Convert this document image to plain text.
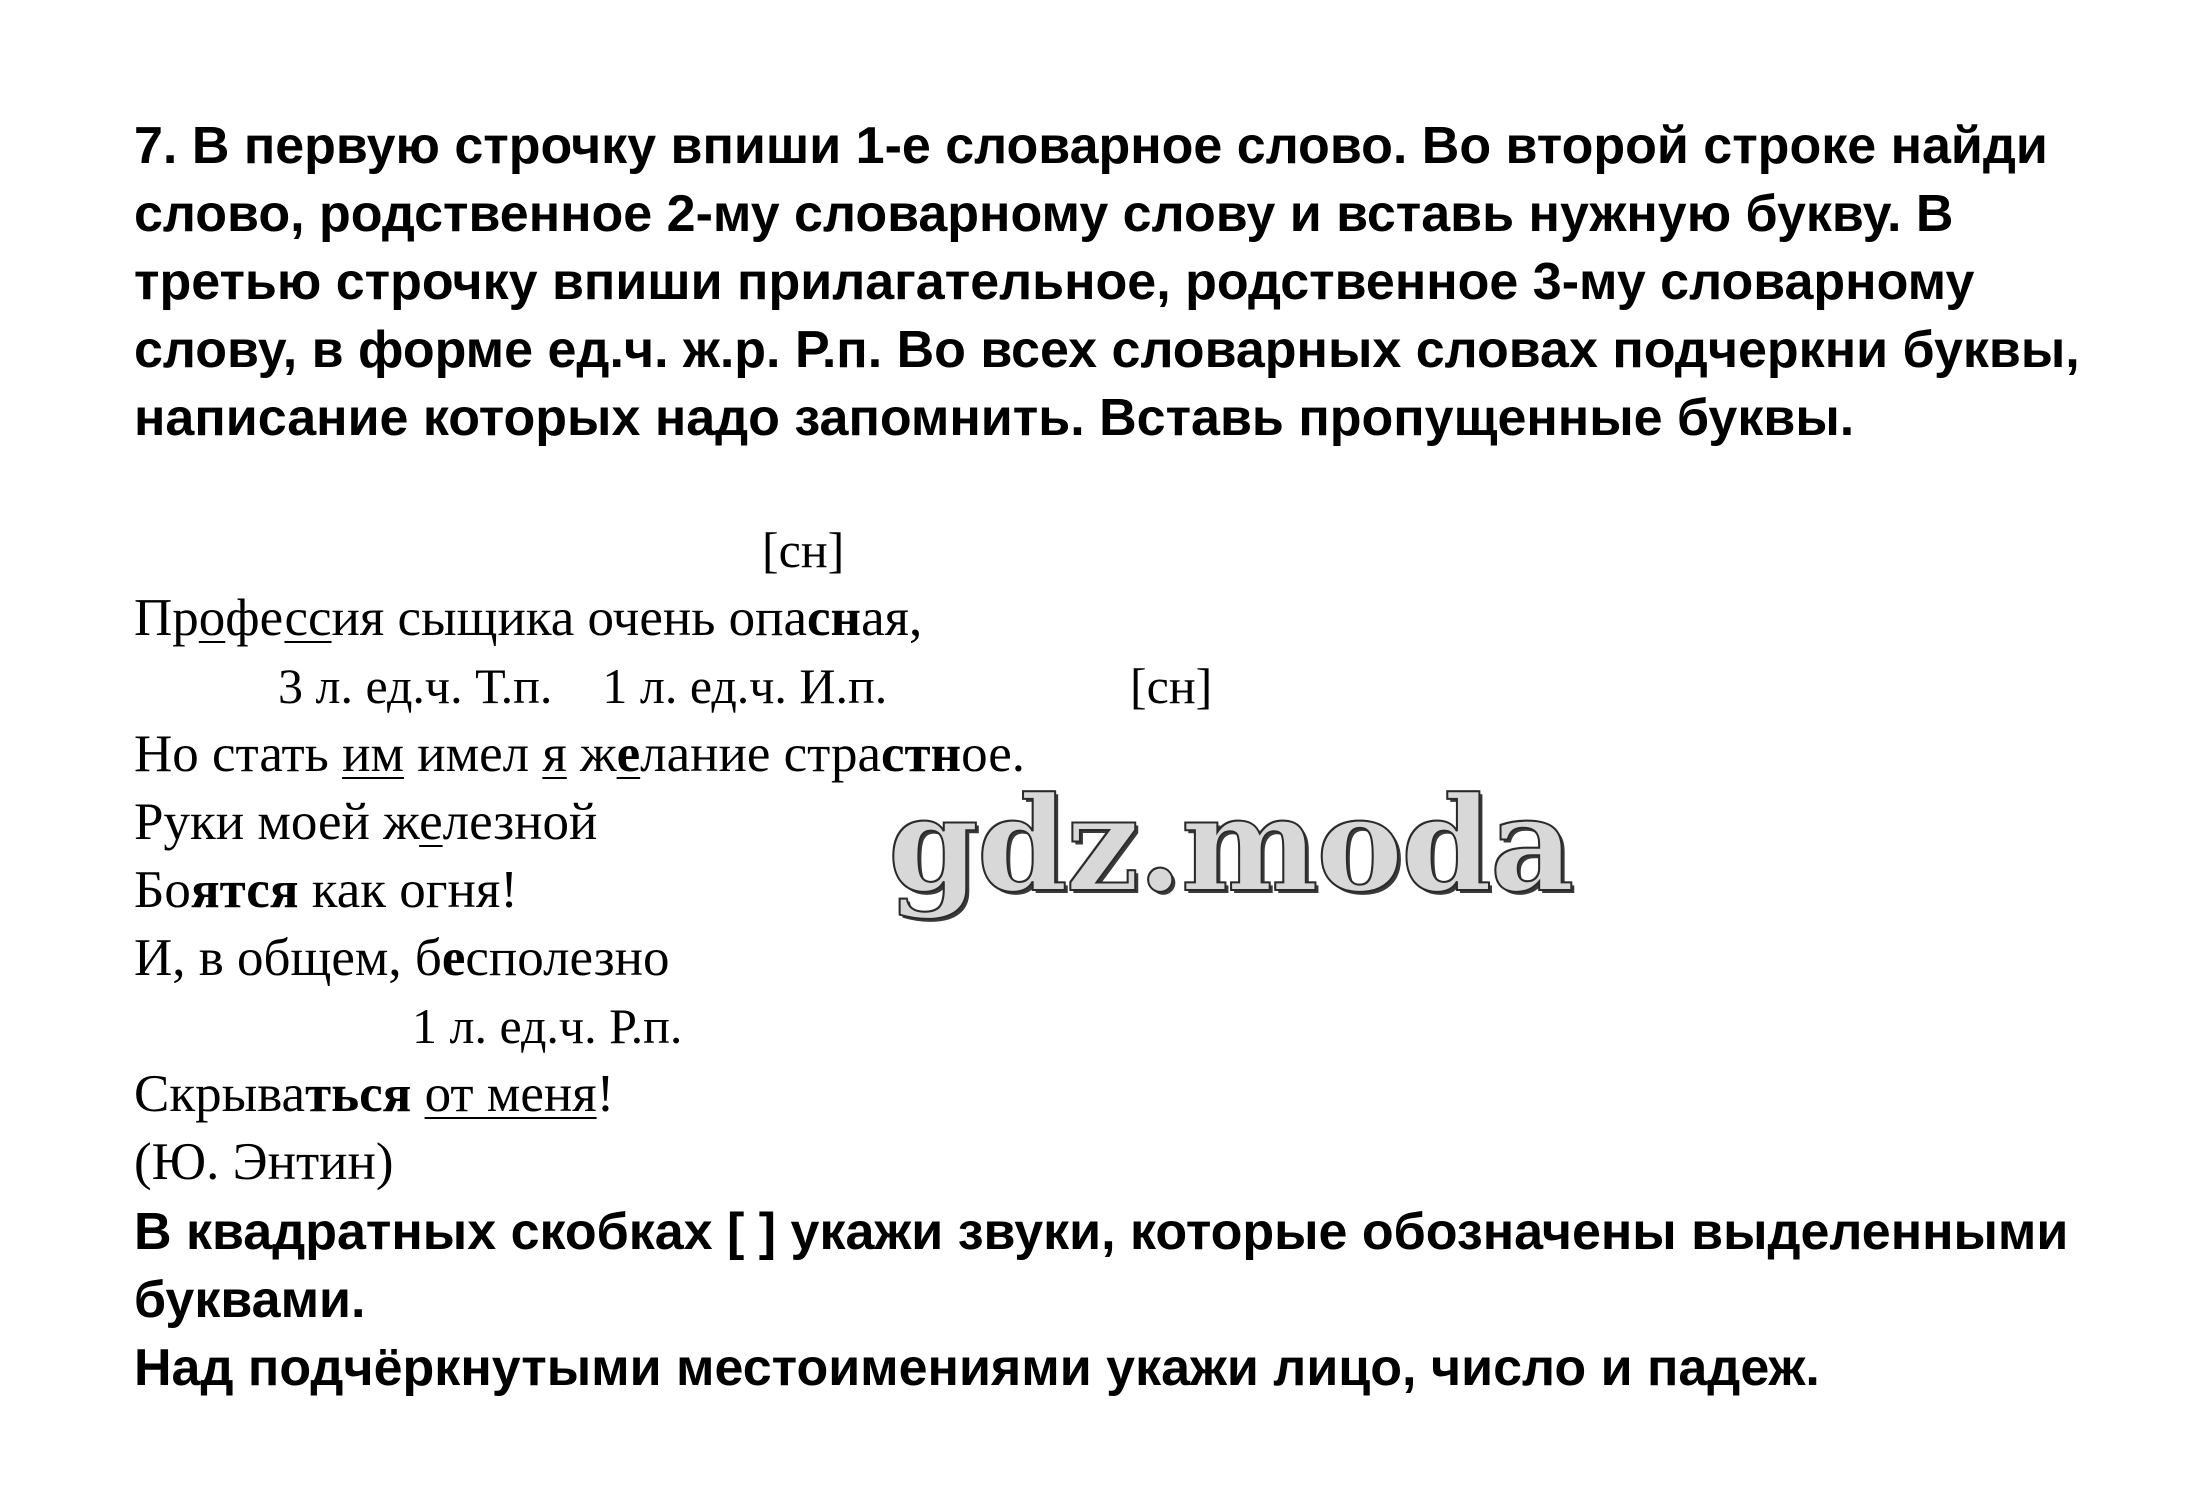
7. В первую строчку впиши 1-е словарное слово. Во второй строке найди слово, родственное 2-му словарному слову и вставь нужную букву. В третью строчку впиши прилагательное, родственное 3-му словарному слову, в форме ед.ч. ж.р. Р.п. Во всех словарных словах подчеркни буквы, написание которых надо запомнить. Вставь пропущенные буквы.
[сн]
Профессия сыщика очень опасная,
3 л. ед.ч. Т.п.    1 л. ед.ч. И.п.	[сн]
Но стать им имел я желание страстное.
Руки моей железной
Боятся как огня!
И, в общем, бесполезно
1 л. ед.ч. Р.п.
Скрываться от меня!
(Ю. Энтин)
В квадратных скобках [ ] укажи звуки, которые обозначены выделенными буквами.
Над подчёркнутыми местоимениями укажи лицо, число и падеж.
gdz.moda
